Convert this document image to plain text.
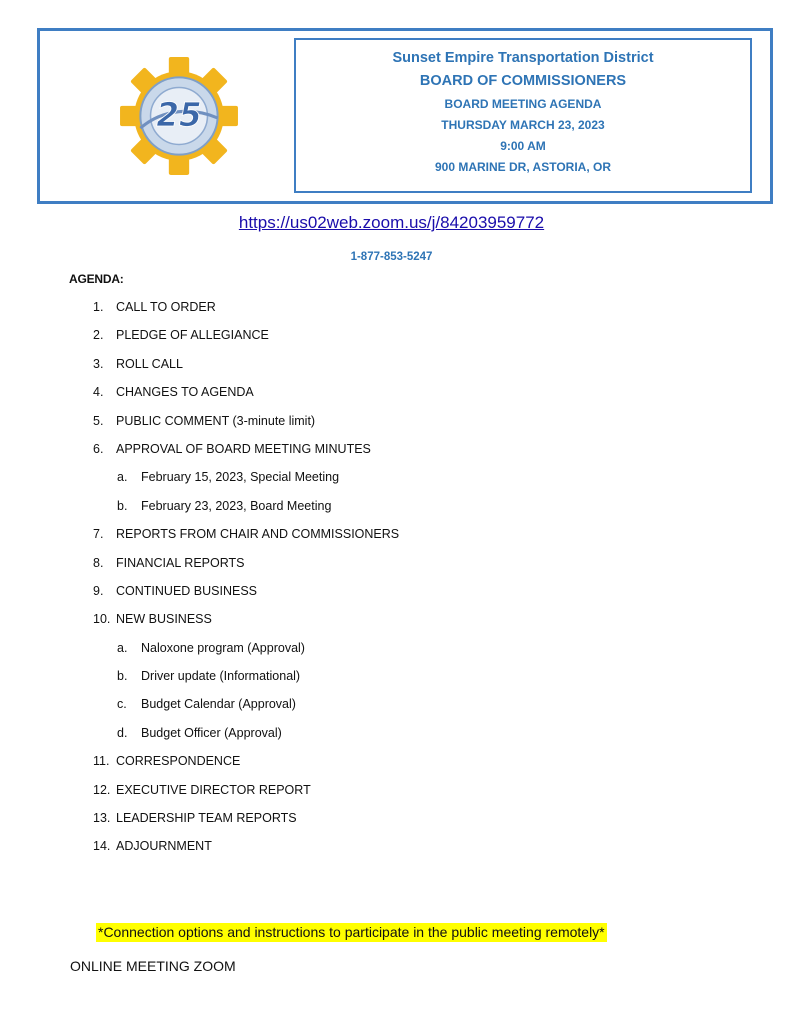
25
Sunset Empire Transportation District
BOARD OF COMMISSIONERS
BOARD MEETING AGENDA
THURSDAY MARCH 23, 2023
9:00 AM
900 MARINE DR, ASTORIA, OR
https://us02web.zoom.us/j/84203959772
1-877-853-5247
AGENDA:
1. CALL TO ORDER
2. PLEDGE OF ALLEGIANCE
3. ROLL CALL
4. CHANGES TO AGENDA
5. PUBLIC COMMENT (3-minute limit)
6. APPROVAL OF BOARD MEETING MINUTES
a. February 15, 2023, Special Meeting
b. February 23, 2023, Board Meeting
7. REPORTS FROM CHAIR AND COMMISSIONERS
8. FINANCIAL REPORTS
9. CONTINUED BUSINESS
10. NEW BUSINESS
a. Naloxone program (Approval)
b. Driver update (Informational)
c. Budget Calendar (Approval)
d. Budget Officer (Approval)
11. CORRESPONDENCE
12. EXECUTIVE DIRECTOR REPORT
13. LEADERSHIP TEAM REPORTS
14. ADJOURNMENT
*Connection options and instructions to participate in the public meeting remotely*
ONLINE MEETING ZOOM
